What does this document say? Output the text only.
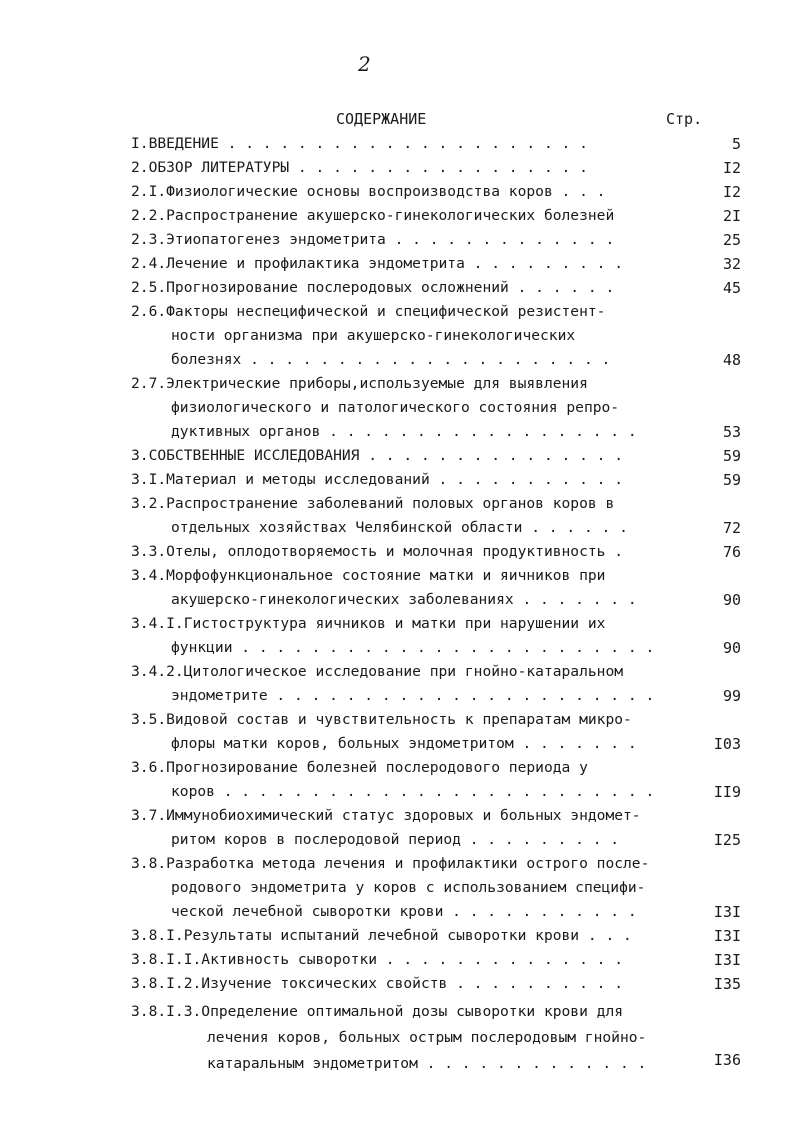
2
СОДЕРЖАНИЕ	Стр.
I.ВВЕДЕНИЕ . . . . . . . . . . . . . . . . . . . . .	5
2.ОБЗОР ЛИТЕРАТУРЫ . . . . . . . . . . . . . . . . .	I2
2.I.Физиологические основы воспроизводства коров . . .	I2
2.2.Распространение акушерско-гинекологических болезней	2I
2.3.Этиопатогенез эндометрита . . . . . . . . . . . . .	25
2.4.Лечение и профилактика эндометрита . . . . . . . . .	32
2.5.Прогнозирование послеродовых осложнений . . . . . .	45
2.6.Факторы неспецифической и специфической резистент-
ности организма при акушерско-гинекологических
болезнях . . . . . . . . . . . . . . . . . . . . .	48
2.7.Электрические приборы,используемые для выявления
физиологического и патологического состояния репро-
дуктивных органов . . . . . . . . . . . . . . . . . .	53
3.СОБСТВЕННЫЕ ИССЛЕДОВАНИЯ . . . . . . . . . . . . . . .	59
3.I.Материал и методы исследований . . . . . . . . . . .	59
3.2.Распространение заболеваний половых органов коров в
отдельных хозяйствах Челябинской области . . . . . .	72
3.3.Отелы, оплодотворяемость и молочная продуктивность .	76
3.4.Морфофункциональное состояние матки и яичников при
акушерско-гинекологических заболеваниях . . . . . . .	90
3.4.I.Гистоструктура яичников и матки при нарушении их
функции . . . . . . . . . . . . . . . . . . . . . . . .	90
3.4.2.Цитологическое исследование при гнойно-катаральном
эндометрите . . . . . . . . . . . . . . . . . . . . . .	99
3.5.Видовой состав и чувствительность к препаратам микро-
флоры матки коров, больных эндометритом . . . . . . .	I03
3.6.Прогнозирование болезней послеродового периода у
коров . . . . . . . . . . . . . . . . . . . . . . . . .	II9
3.7.Иммунобиохимический статус здоровых и больных эндомет-
ритом коров в послеродовой период . . . . . . . . .	I25
3.8.Разработка метода лечения и профилактики острого после-
родового эндометрита у коров с использованием специфи-
ческой лечебной сыворотки крови . . . . . . . . . . .	I3I
3.8.I.Результаты испытаний лечебной сыворотки крови . . .	I3I
3.8.I.I.Активность сыворотки . . . . . . . . . . . . . .	I3I
3.8.I.2.Изучение токсических свойств . . . . . . . . . .	I35
3.8.I.3.Определение оптимальной дозы сыворотки крови для
лечения коров, больных острым послеродовым гнойно-
катаральным эндометритом . . . . . . . . . . . . .	I36
